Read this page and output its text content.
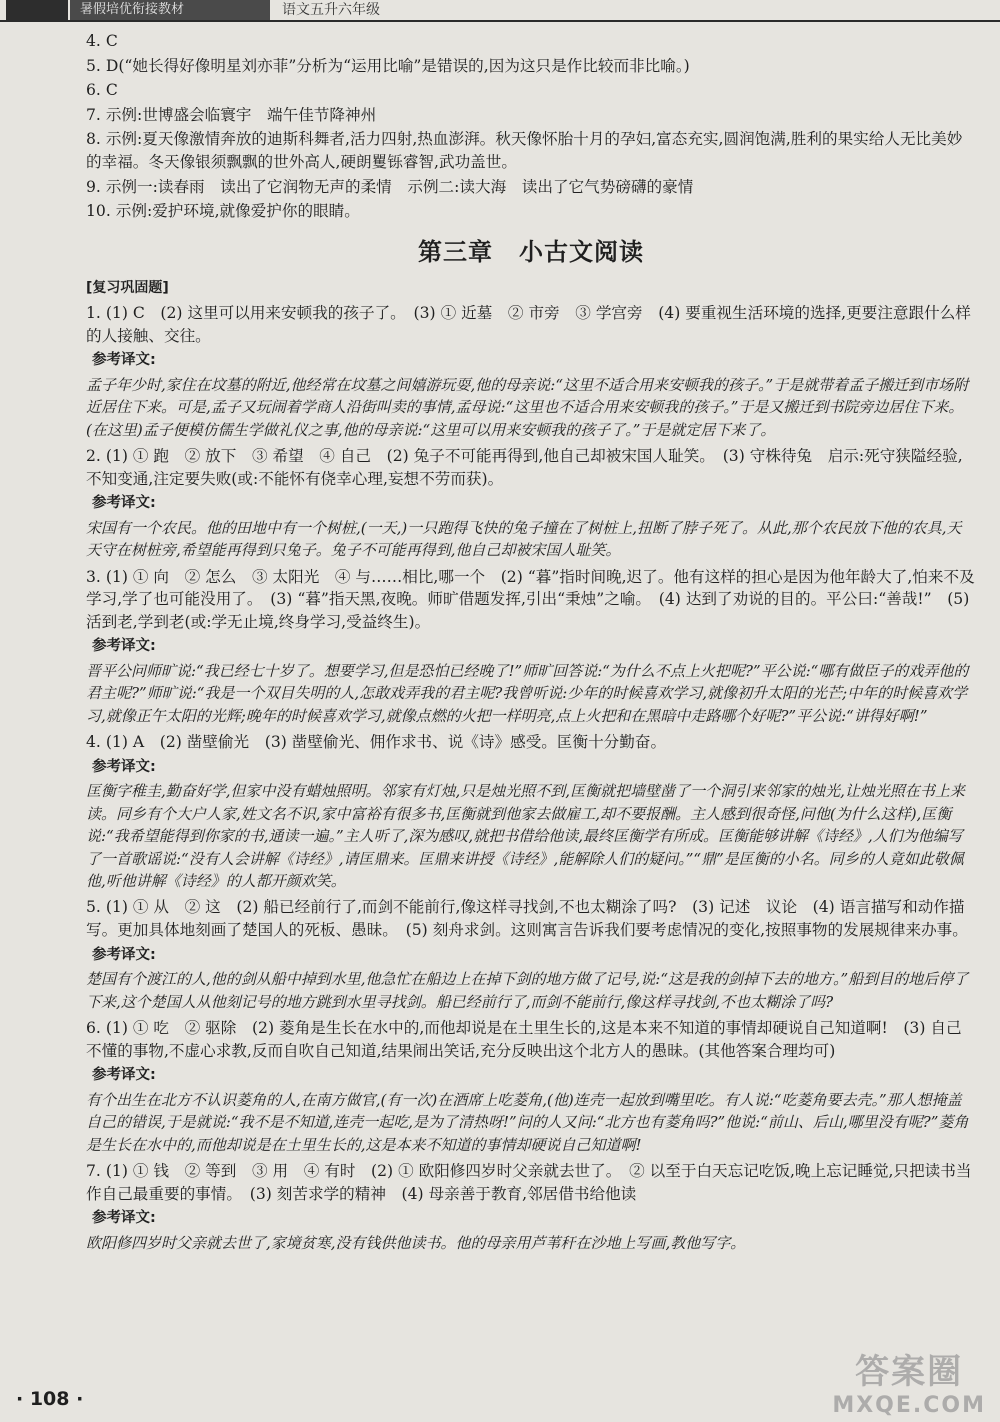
暑假培优衔接教材	语文五升六年级
4. C
5. D(“她长得好像明星刘亦菲”分析为“运用比喻”是错误的,因为这只是作比较而非比喻。)
6. C
7. 示例:世博盛会临寰宇　端午佳节降神州
8. 示例:夏天像激情奔放的迪斯科舞者,活力四射,热血澎湃。秋天像怀胎十月的孕妇,富态充实,圆润饱满,胜利的果实给人无比美妙的幸福。冬天像银须飘飘的世外高人,硬朗矍铄睿智,武功盖世。
9. 示例一:读春雨　读出了它润物无声的柔情　示例二:读大海　读出了它气势磅礴的豪情
10. 示例:爱护环境,就像爱护你的眼睛。
第三章 小古文阅读
[复习巩固题]
1. (1) C　(2) 这里可以用来安顿我的孩子了。　(3) ① 近墓　② 市旁　③ 学宫旁　(4) 要重视生活环境的选择,更要注意跟什么样的人接触、交往。
参考译文:
孟子年少时,家住在坟墓的附近,他经常在坟墓之间嬉游玩耍,他的母亲说:“这里不适合用来安顿我的孩子。”于是就带着孟子搬迁到市场附近居住下来。可是,孟子又玩闹着学商人沿街叫卖的事情,孟母说:“这里也不适合用来安顿我的孩子。”于是又搬迁到书院旁边居住下来。(在这里)孟子便模仿儒生学做礼仪之事,他的母亲说:“这里可以用来安顿我的孩子了。”于是就定居下来了。
2. (1) ① 跑　② 放下　③ 希望　④ 自己　(2) 兔子不可能再得到,他自己却被宋国人耻笑。　(3) 守株待兔　启示:死守狭隘经验,不知变通,注定要失败(或:不能怀有侥幸心理,妄想不劳而获)。
参考译文:
宋国有一个农民。他的田地中有一个树桩,(一天,)一只跑得飞快的兔子撞在了树桩上,扭断了脖子死了。从此,那个农民放下他的农具,天天守在树桩旁,希望能再得到只兔子。兔子不可能再得到,他自己却被宋国人耻笑。
3. (1) ① 向　② 怎么　③ 太阳光　④ 与……相比,哪一个　(2) “暮”指时间晚,迟了。他有这样的担心是因为他年龄大了,怕来不及学习,学了也可能没用了。　(3) “暮”指天黑,夜晚。师旷借题发挥,引出“秉烛”之喻。　(4) 达到了劝说的目的。平公曰:“善哉!”　(5) 活到老,学到老(或:学无止境,终身学习,受益终生)。
参考译文:
晋平公问师旷说:“我已经七十岁了。想要学习,但是恐怕已经晚了!”师旷回答说:“为什么不点上火把呢?”平公说:“哪有做臣子的戏弄他的君主呢?”师旷说:“我是一个双目失明的人,怎敢戏弄我的君主呢?我曾听说:少年的时候喜欢学习,就像初升太阳的光芒;中年的时候喜欢学习,就像正午太阳的光辉;晚年的时候喜欢学习,就像点燃的火把一样明亮,点上火把和在黑暗中走路哪个好呢?”平公说:“讲得好啊!”
4. (1) A　(2) 凿壁偷光　(3) 凿壁偷光、佣作求书、说《诗》感受。匡衡十分勤奋。
参考译文:
匡衡字稚圭,勤奋好学,但家中没有蜡烛照明。邻家有灯烛,只是烛光照不到,匡衡就把墙壁凿了一个洞引来邻家的烛光,让烛光照在书上来读。同乡有个大户人家,姓文名不识,家中富裕有很多书,匡衡就到他家去做雇工,却不要报酬。主人感到很奇怪,问他(为什么这样),匡衡说:“我希望能得到你家的书,通读一遍。”主人听了,深为感叹,就把书借给他读,最终匡衡学有所成。匡衡能够讲解《诗经》,人们为他编写了一首歌谣说:“没有人会讲解《诗经》,请匡鼎来。匡鼎来讲授《诗经》,能解除人们的疑问。”“鼎”是匡衡的小名。同乡的人竟如此敬佩他,听他讲解《诗经》的人都开颜欢笑。
5. (1) ① 从　② 这　(2) 船已经前行了,而剑不能前行,像这样寻找剑,不也太糊涂了吗?　(3) 记述　议论　(4) 语言描写和动作描写。更加具体地刻画了楚国人的死板、愚昧。　(5) 刻舟求剑。这则寓言告诉我们要考虑情况的变化,按照事物的发展规律来办事。
参考译文:
楚国有个渡江的人,他的剑从船中掉到水里,他急忙在船边上在掉下剑的地方做了记号,说:“这是我的剑掉下去的地方。”船到目的地后停了下来,这个楚国人从他刻记号的地方跳到水里寻找剑。船已经前行了,而剑不能前行,像这样寻找剑,不也太糊涂了吗?
6. (1) ① 吃　② 驱除　(2) 菱角是生长在水中的,而他却说是在土里生长的,这是本来不知道的事情却硬说自己知道啊!　(3) 自己不懂的事物,不虚心求教,反而自吹自己知道,结果闹出笑话,充分反映出这个北方人的愚昧。(其他答案合理均可)
参考译文:
有个出生在北方不认识菱角的人,在南方做官,(有一次)在酒席上吃菱角,(他)连壳一起放到嘴里吃。有人说:“吃菱角要去壳。”那人想掩盖自己的错误,于是就说:“我不是不知道,连壳一起吃,是为了清热呀!”问的人又问:“北方也有菱角吗?”他说:“前山、后山,哪里没有呢?”菱角是生长在水中的,而他却说是在土里生长的,这是本来不知道的事情却硬说自己知道啊!
7. (1) ① 钱　② 等到　③ 用　④ 有时　(2) ① 欧阳修四岁时父亲就去世了。　② 以至于白天忘记吃饭,晚上忘记睡觉,只把读书当作自己最重要的事情。　(3) 刻苦求学的精神　(4) 母亲善于教育,邻居借书给他读
参考译文:
欧阳修四岁时父亲就去世了,家境贫寒,没有钱供他读书。他的母亲用芦苇秆在沙地上写画,教他写字。
· 108 ·
答案圈
MXQE.COM
